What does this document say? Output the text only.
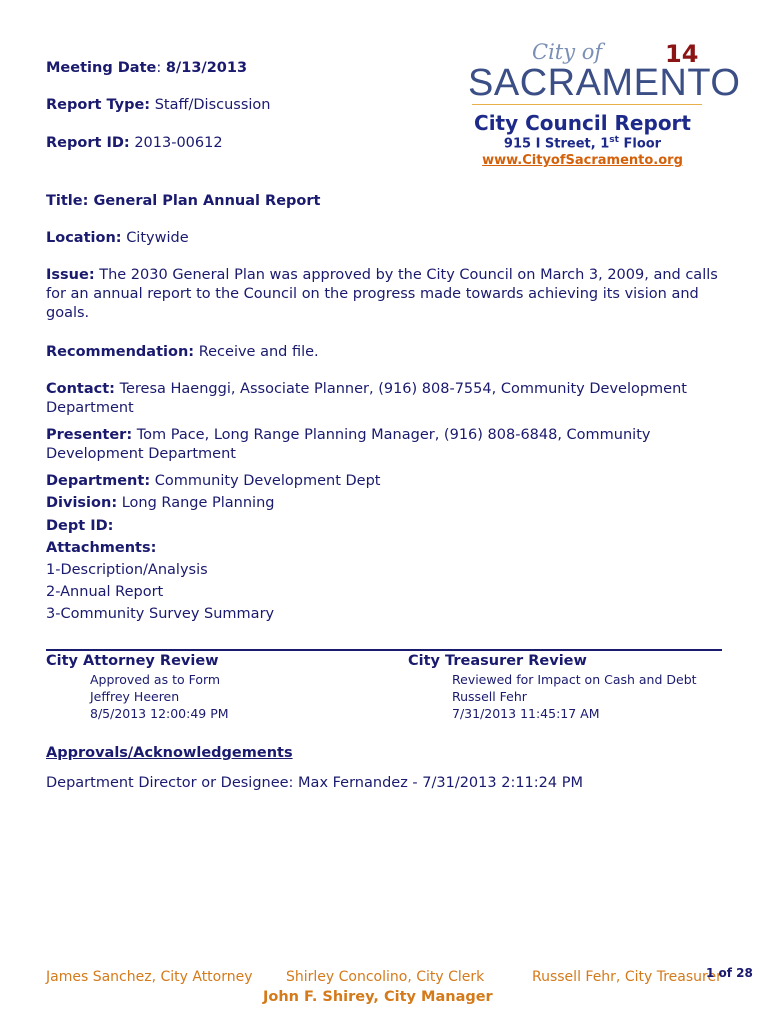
Meeting Date: 8/13/2013
Report Type: Staff/Discussion
Report ID: 2013-00612
14
City of
SACRAMENTO
City Council Report
915 I Street, 1st Floor
www.CityofSacramento.org
Title: General Plan Annual Report
Location: Citywide
Issue: The 2030 General Plan was approved by the City Council on March 3, 2009, and calls for an annual report to the Council on the progress made towards achieving its vision and goals.
Recommendation: Receive and file.
Contact: Teresa Haenggi, Associate Planner, (916) 808-7554, Community Development Department
Presenter: Tom Pace, Long Range Planning Manager, (916) 808-6848, Community Development Department
Department: Community Development Dept
Division: Long Range Planning
Dept ID:
Attachments:
1-Description/Analysis
2-Annual Report
3-Community Survey Summary
City Attorney Review
Approved as to Form
Jeffrey Heeren
8/5/2013 12:00:49 PM
City Treasurer Review
Reviewed for Impact on Cash and Debt
Russell Fehr
7/31/2013 11:45:17 AM
Approvals/Acknowledgements
Department Director or Designee: Max Fernandez - 7/31/2013 2:11:24 PM
James Sanchez, City Attorney Shirley Concolino, City Clerk	Russell Fehr, City Treasurer
1 of 28
John F. Shirey, City Manager
